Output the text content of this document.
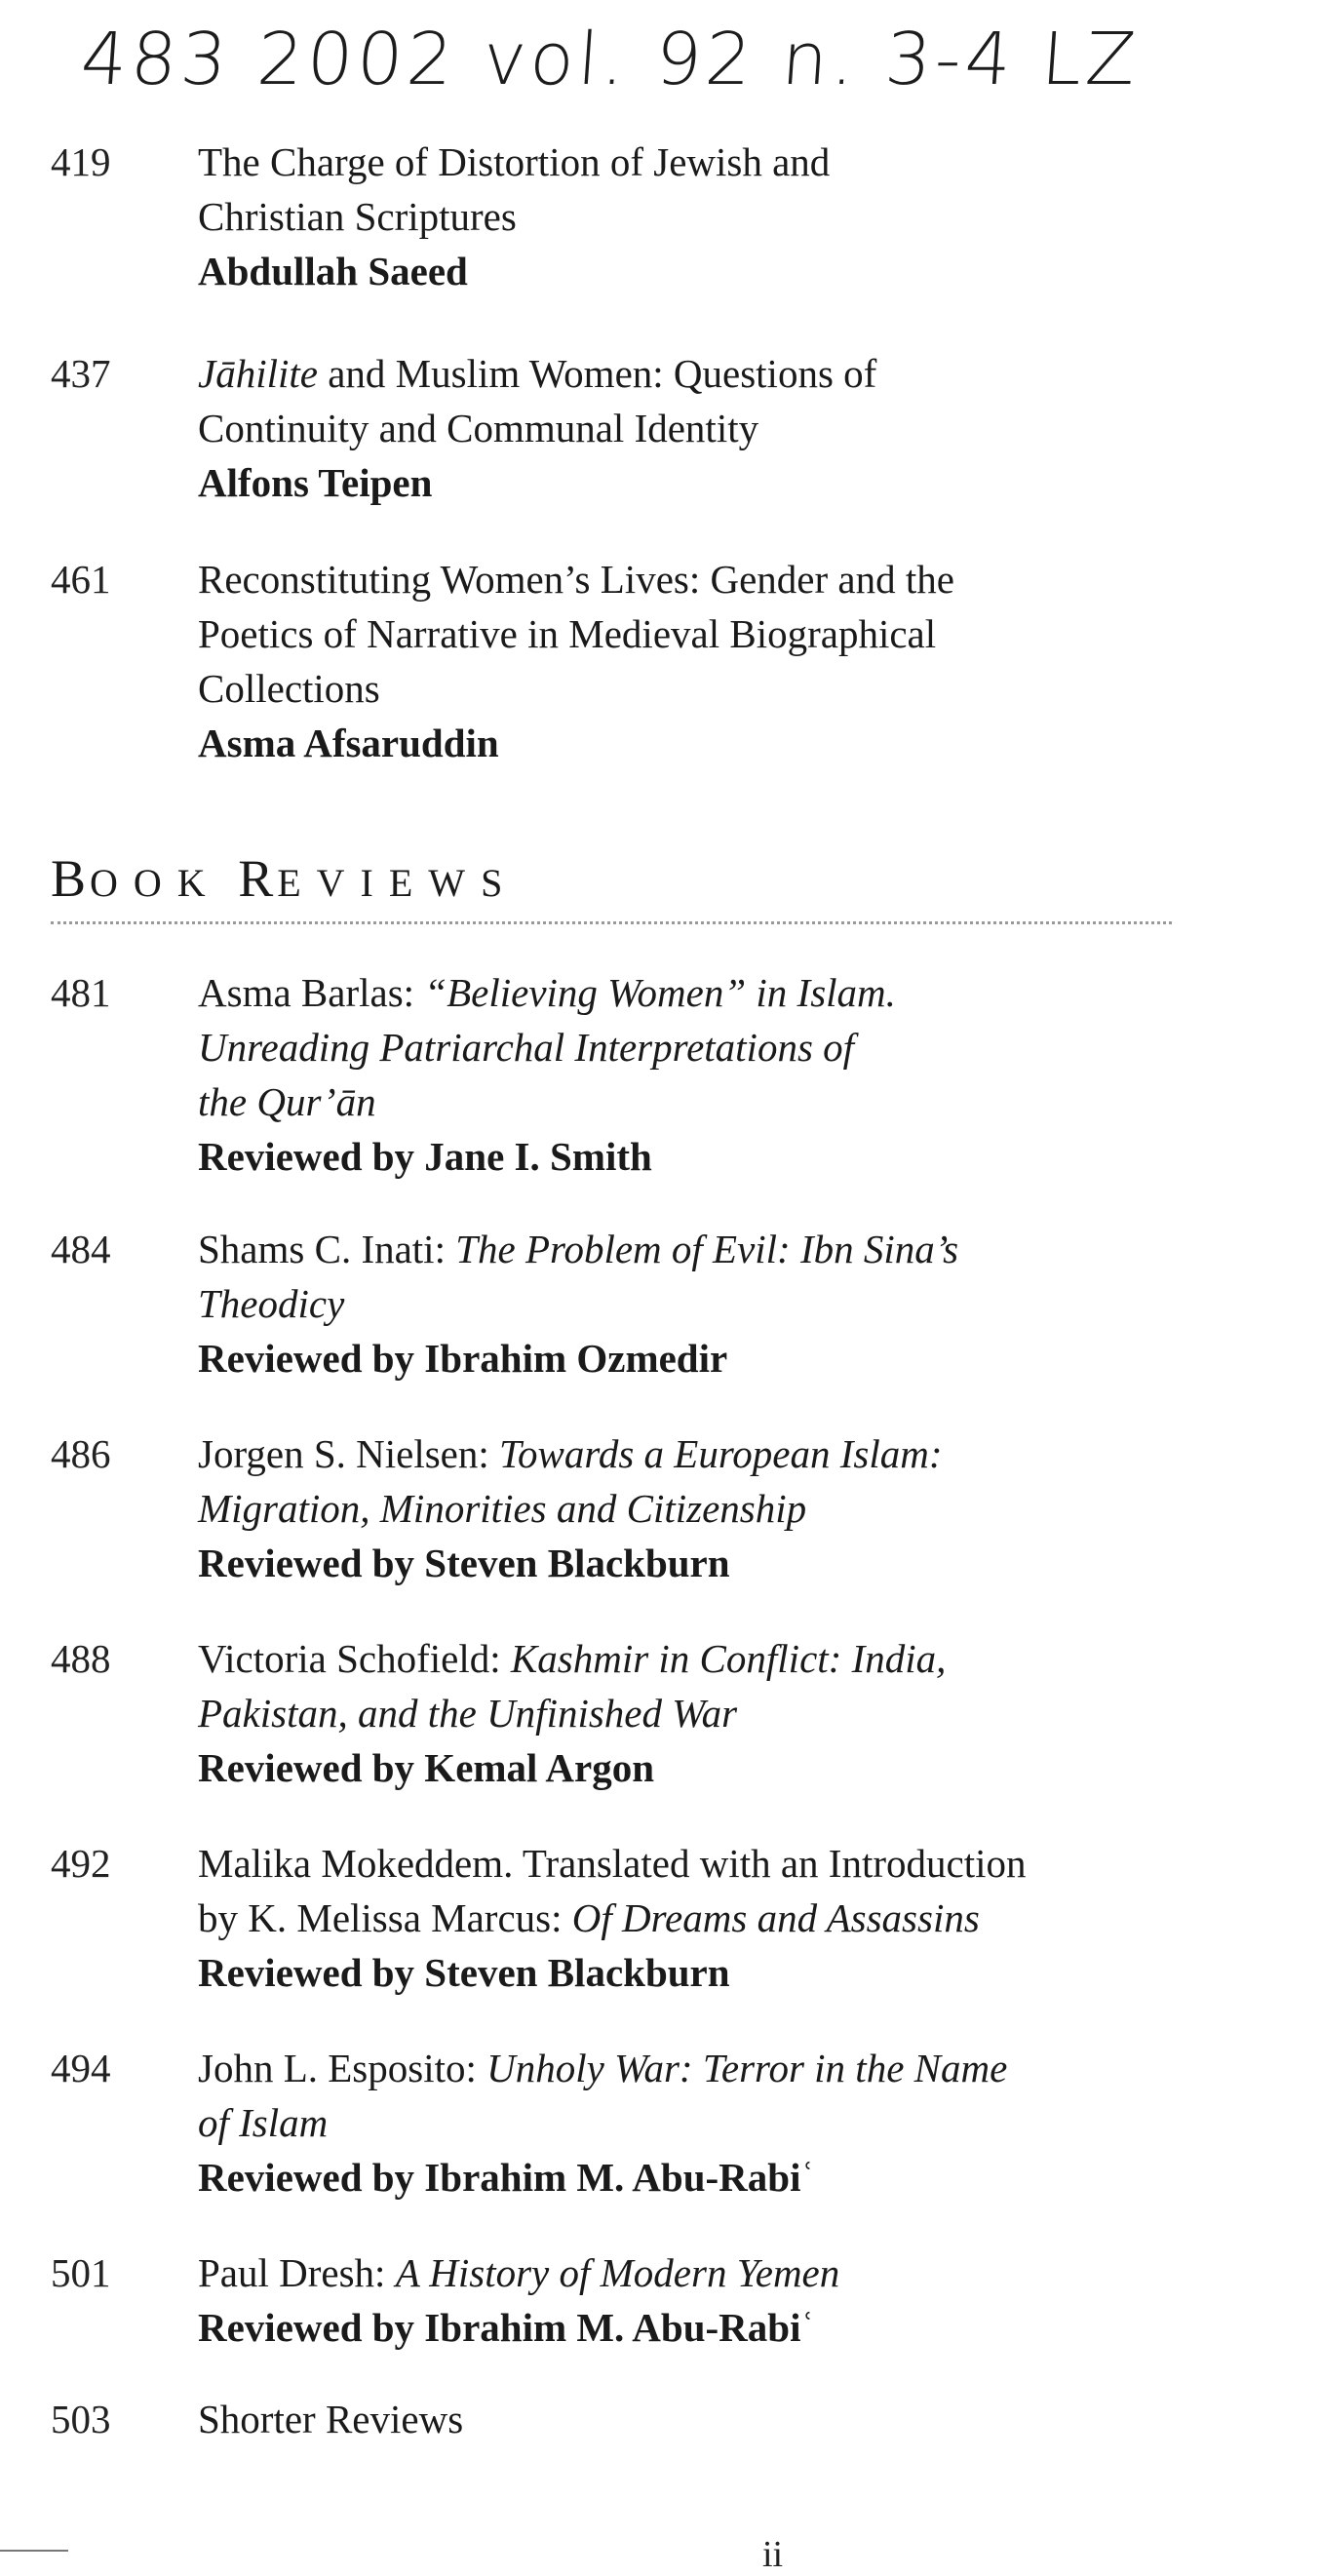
483 2002 vol. 92 n. 3-4 LZ
419 The Charge of Distortion of Jewish and
Christian Scriptures
Abdullah Saeed
437 Jāhilite and Muslim Women: Questions of
Continuity and Communal Identity
Alfons Teipen
461 Reconstituting Women’s Lives: Gender and the
Poetics of Narrative in Medieval Biographical
Collections
Asma Afsaruddin
BOOK REVIEWS
481 Asma Barlas: “Believing Women” in Islam.
Unreading Patriarchal Interpretations of
the Qur’ān
Reviewed by Jane I. Smith
484 Shams C. Inati: The Problem of Evil: Ibn Sina’s
Theodicy
Reviewed by Ibrahim Ozmedir
486 Jorgen S. Nielsen: Towards a European Islam:
Migration, Minorities and Citizenship
Reviewed by Steven Blackburn
488 Victoria Schofield: Kashmir in Conflict: India,
Pakistan, and the Unfinished War
Reviewed by Kemal Argon
492 Malika Mokeddem. Translated with an Introduction
by K. Melissa Marcus: Of Dreams and Assassins
Reviewed by Steven Blackburn
494 John L. Esposito: Unholy War: Terror in the Name
of Islam
Reviewed by Ibrahim M. Abu-Rabiʿ
501 Paul Dresh: A History of Modern Yemen
Reviewed by Ibrahim M. Abu-Rabiʿ
503 Shorter Reviews
ii
